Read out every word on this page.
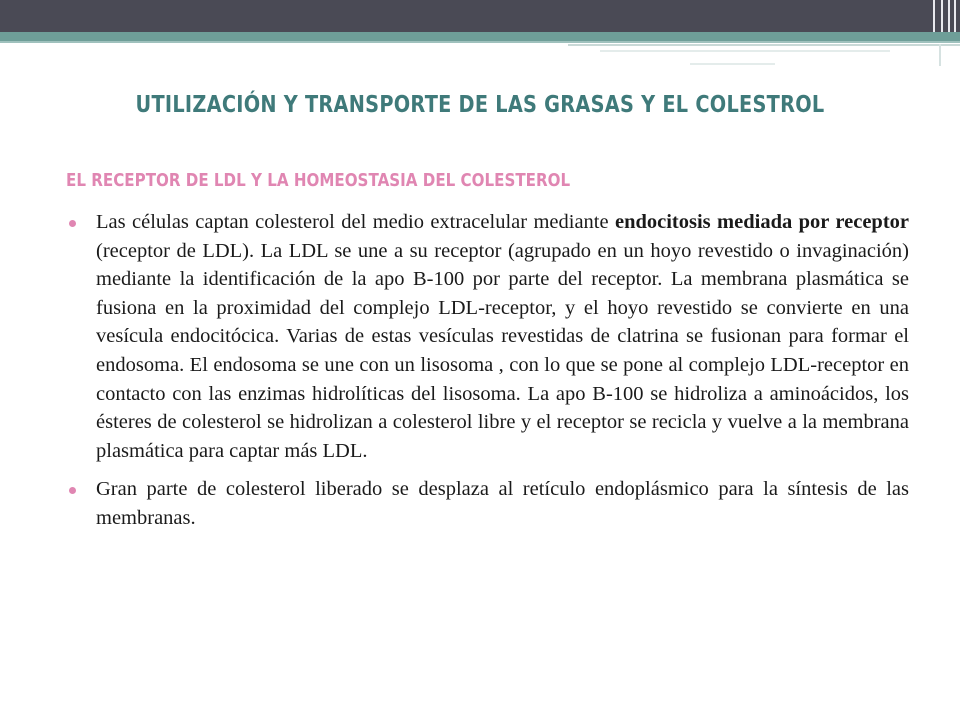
UTILIZACIÓN Y TRANSPORTE DE LAS GRASAS Y EL COLESTROL
EL RECEPTOR DE LDL Y LA HOMEOSTASIA DEL COLESTEROL
Las células captan colesterol del medio extracelular mediante endocitosis mediada por receptor (receptor de LDL). La LDL se une a su receptor (agrupado en un hoyo revestido o invaginación) mediante la identificación de la apo B-100 por parte del receptor. La membrana plasmática se fusiona en la proximidad del complejo LDL-receptor, y el hoyo revestido se convierte en una vesícula endocitócica. Varias de estas vesículas revestidas de clatrina se fusionan para formar el endosoma. El endosoma se une con un lisosoma , con lo que se pone al complejo LDL-receptor en contacto con las enzimas hidrolíticas del lisosoma. La apo B-100 se hidroliza a aminoácidos, los ésteres de colesterol se hidrolizan a colesterol libre y el receptor se recicla y vuelve a la membrana plasmática para captar más LDL.
Gran parte de colesterol liberado se desplaza al retículo endoplásmico para la síntesis de las membranas.
